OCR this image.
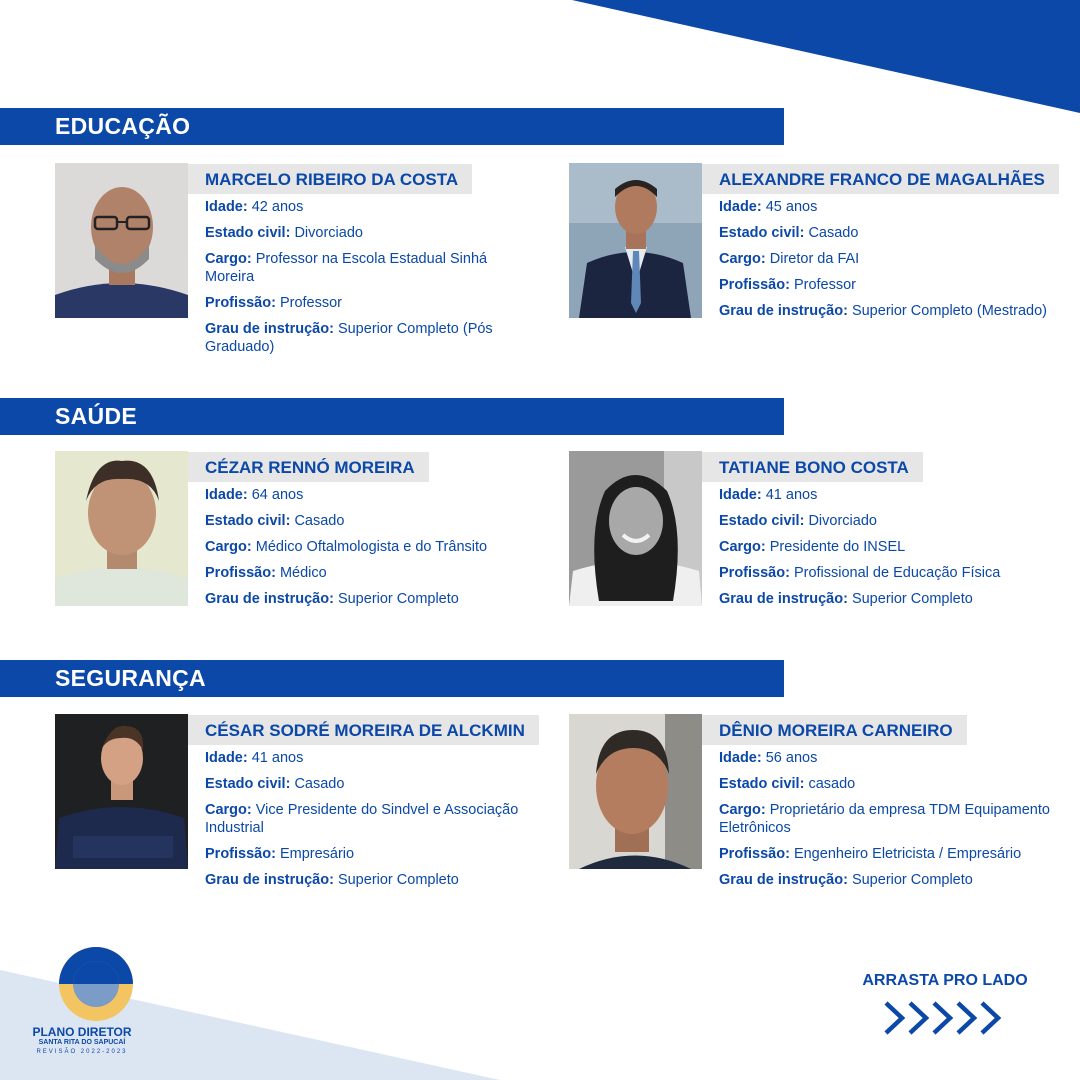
EDUCAÇÃO
MARCELO RIBEIRO DA COSTA
Idade: 42 anos
Estado civil: Divorciado
Cargo: Professor na Escola Estadual Sinhá Moreira
Profissão: Professor
Grau de instrução: Superior Completo (Pós Graduado)
ALEXANDRE FRANCO DE MAGALHÃES
Idade: 45 anos
Estado civil: Casado
Cargo: Diretor da FAI
Profissão: Professor
Grau de instrução: Superior Completo (Mestrado)
SAÚDE
CÉZAR RENNÓ MOREIRA
Idade: 64 anos
Estado civil: Casado
Cargo: Médico Oftalmologista e do Trânsito
Profissão: Médico
Grau de instrução: Superior Completo
TATIANE BONO COSTA
Idade: 41 anos
Estado civil: Divorciado
Cargo: Presidente do INSEL
Profissão: Profissional de Educação Física
Grau de instrução: Superior Completo
SEGURANÇA
CÉSAR SODRÉ MOREIRA DE ALCKMIN
Idade: 41 anos
Estado civil: Casado
Cargo: Vice Presidente do Sindvel e Associação Industrial
Profissão: Empresário
Grau de instrução: Superior Completo
DÊNIO MOREIRA CARNEIRO
Idade: 56 anos
Estado civil: casado
Cargo: Proprietário da empresa TDM Equipamento Eletrônicos
Profissão: Engenheiro Eletricista / Empresário
Grau de instrução: Superior Completo
PLANO DIRETOR
SANTA RITA DO SAPUCAÍ
REVISÃO 2022-2023
ARRASTA PRO LADO
